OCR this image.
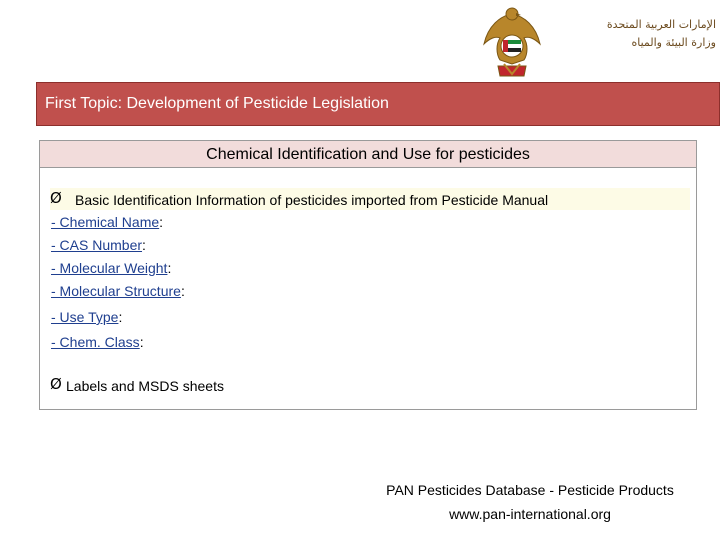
الإمارات العربية المتحدة
وزارة البيئة والمياه
First Topic: Development of Pesticide Legislation
Chemical Identification and Use for pesticides
Ø Basic Identification Information of pesticides imported from Pesticide Manual
- Chemical Name:
- CAS Number:
- Molecular Weight:
- Molecular Structure:
- Use Type:
- Chem. Class:
Ø Labels and MSDS sheets
PAN Pesticides Database - Pesticide Products
www.pan-international.org
